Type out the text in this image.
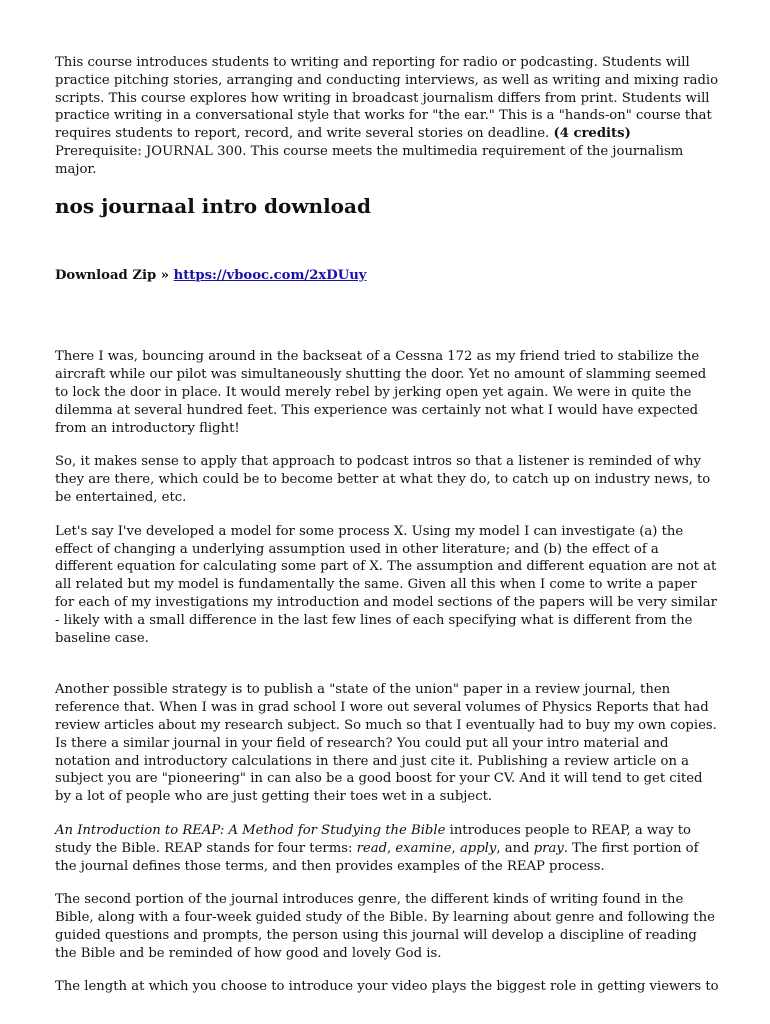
This course introduces students to writing and reporting for radio or podcasting. Students will practice pitching stories, arranging and conducting interviews, as well as writing and mixing radio scripts. This course explores how writing in broadcast journalism differs from print. Students will practice writing in a conversational style that works for "the ear." This is a "hands-on" course that requires students to report, record, and write several stories on deadline. (4 credits)
Prerequisite: JOURNAL 300. This course meets the multimedia requirement of the journalism major.

nos journaal intro download

Download Zip » https://vbooc.com/2xDUuy

There I was, bouncing around in the backseat of a Cessna 172 as my friend tried to stabilize the aircraft while our pilot was simultaneously shutting the door. Yet no amount of slamming seemed to lock the door in place. It would merely rebel by jerking open yet again. We were in quite the dilemma at several hundred feet. This experience was certainly not what I would have expected from an introductory flight!

So, it makes sense to apply that approach to podcast intros so that a listener is reminded of why they are there, which could be to become better at what they do, to catch up on industry news, to be entertained, etc.

Let's say I've developed a model for some process X. Using my model I can investigate (a) the effect of changing a underlying assumption used in other literature; and (b) the effect of a different equation for calculating some part of X. The assumption and different equation are not at all related but my model is fundamentally the same. Given all this when I come to write a paper for each of my investigations my introduction and model sections of the papers will be very similar - likely with a small difference in the last few lines of each specifying what is different from the baseline case.

Another possible strategy is to publish a "state of the union" paper in a review journal, then reference that. When I was in grad school I wore out several volumes of Physics Reports that had review articles about my research subject. So much so that I eventually had to buy my own copies. Is there a similar journal in your field of research? You could put all your intro material and notation and introductory calculations in there and just cite it. Publishing a review article on a subject you are "pioneering" in can also be a good boost for your CV. And it will tend to get cited by a lot of people who are just getting their toes wet in a subject.

An Introduction to REAP: A Method for Studying the Bible introduces people to REAP, a way to study the Bible. REAP stands for four terms: read, examine, apply, and pray. The first portion of the journal defines those terms, and then provides examples of the REAP process.

The second portion of the journal introduces genre, the different kinds of writing found in the Bible, along with a four-week guided study of the Bible. By learning about genre and following the guided questions and prompts, the person using this journal will develop a discipline of reading the Bible and be reminded of how good and lovely God is.

The length at which you choose to introduce your video plays the biggest role in getting viewers to
